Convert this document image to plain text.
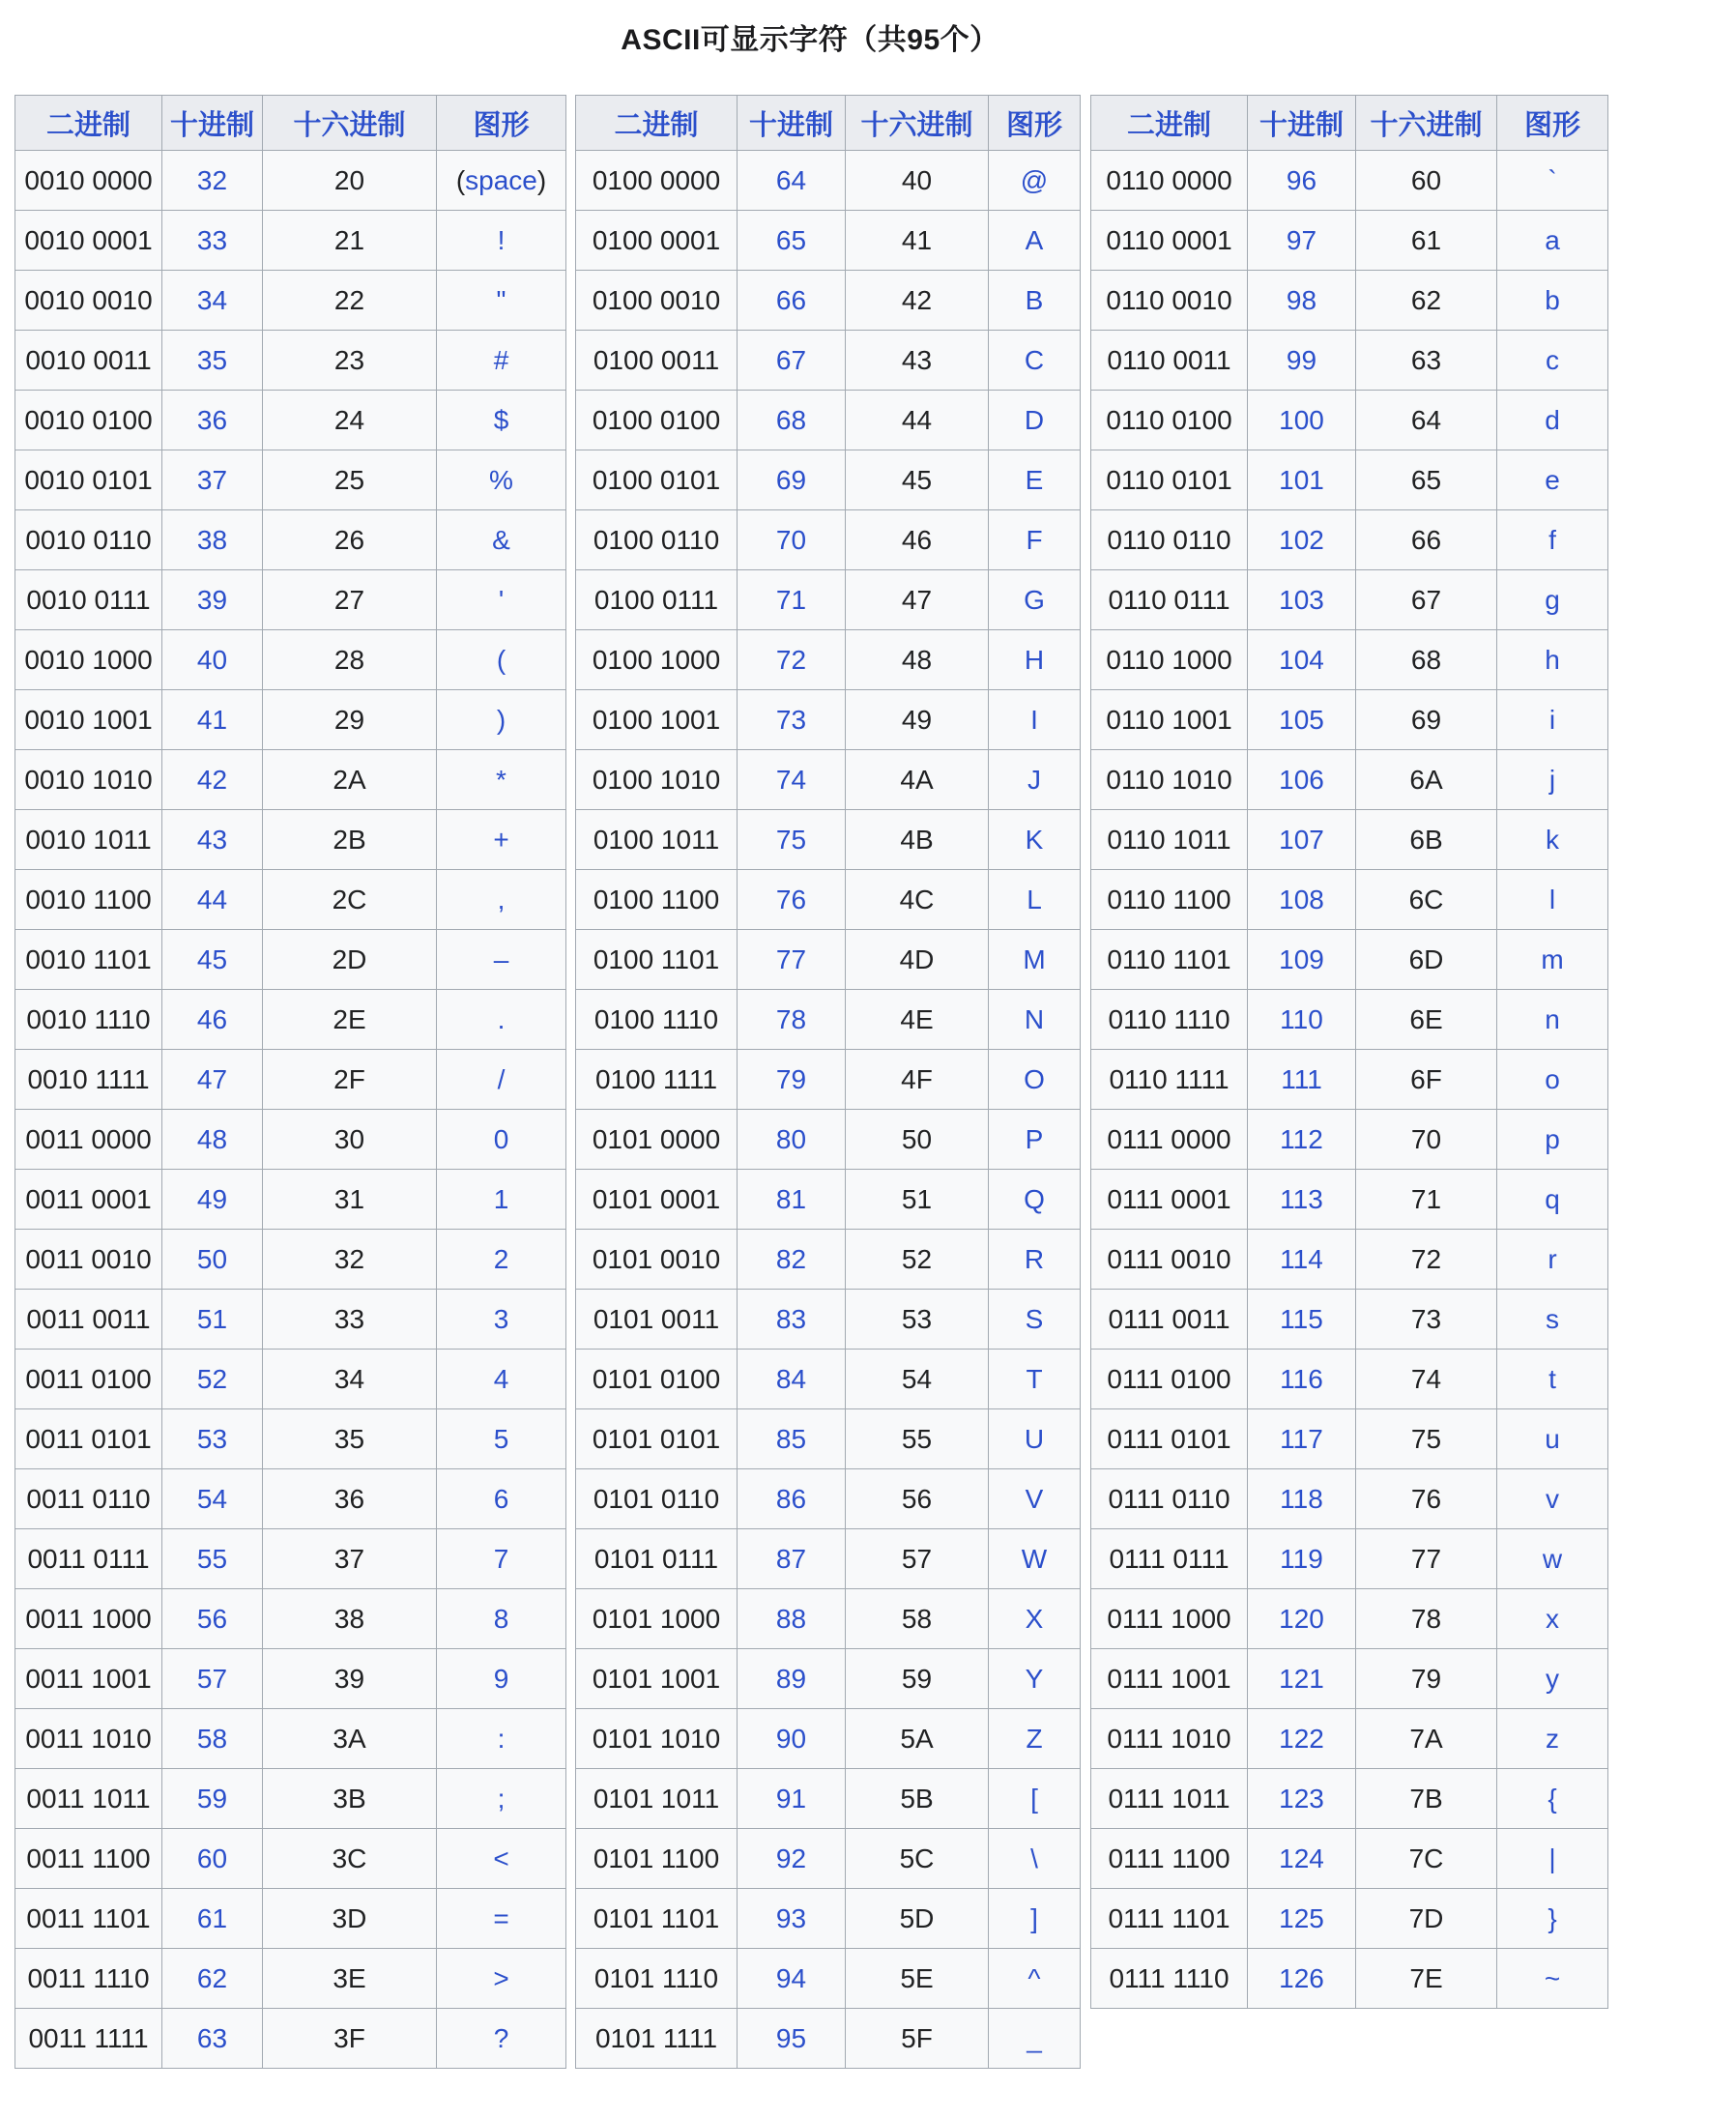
ASCII可显示字符（共95个）
二进制	十进制	十六进制	图形
0010 0000	32	20	(space)
0010 0001	33	21	!
0010 0010	34	22	"
0010 0011	35	23	#
0010 0100	36	24	$
0010 0101	37	25	%
0010 0110	38	26	&
0010 0111	39	27	'
0010 1000	40	28	(
0010 1001	41	29	)
0010 1010	42	2A	*
0010 1011	43	2B	+
0010 1100	44	2C	,
0010 1101	45	2D	–
0010 1110	46	2E	.
0010 1111	47	2F	/
0011 0000	48	30	0
0011 0001	49	31	1
0011 0010	50	32	2
0011 0011	51	33	3
0011 0100	52	34	4
0011 0101	53	35	5
0011 0110	54	36	6
0011 0111	55	37	7
0011 1000	56	38	8
0011 1001	57	39	9
0011 1010	58	3A	:
0011 1011	59	3B	;
0011 1100	60	3C	<
0011 1101	61	3D	=
0011 1110	62	3E	>
0011 1111	63	3F	?
二进制	十进制	十六进制	图形
0100 0000	64	40	@
0100 0001	65	41	A
0100 0010	66	42	B
0100 0011	67	43	C
0100 0100	68	44	D
0100 0101	69	45	E
0100 0110	70	46	F
0100 0111	71	47	G
0100 1000	72	48	H
0100 1001	73	49	I
0100 1010	74	4A	J
0100 1011	75	4B	K
0100 1100	76	4C	L
0100 1101	77	4D	M
0100 1110	78	4E	N
0100 1111	79	4F	O
0101 0000	80	50	P
0101 0001	81	51	Q
0101 0010	82	52	R
0101 0011	83	53	S
0101 0100	84	54	T
0101 0101	85	55	U
0101 0110	86	56	V
0101 0111	87	57	W
0101 1000	88	58	X
0101 1001	89	59	Y
0101 1010	90	5A	Z
0101 1011	91	5B	[
0101 1100	92	5C	\
0101 1101	93	5D	]
0101 1110	94	5E	^
0101 1111	95	5F	_
二进制	十进制	十六进制	图形
0110 0000	96	60	`
0110 0001	97	61	a
0110 0010	98	62	b
0110 0011	99	63	c
0110 0100	100	64	d
0110 0101	101	65	e
0110 0110	102	66	f
0110 0111	103	67	g
0110 1000	104	68	h
0110 1001	105	69	i
0110 1010	106	6A	j
0110 1011	107	6B	k
0110 1100	108	6C	l
0110 1101	109	6D	m
0110 1110	110	6E	n
0110 1111	111	6F	o
0111 0000	112	70	p
0111 0001	113	71	q
0111 0010	114	72	r
0111 0011	115	73	s
0111 0100	116	74	t
0111 0101	117	75	u
0111 0110	118	76	v
0111 0111	119	77	w
0111 1000	120	78	x
0111 1001	121	79	y
0111 1010	122	7A	z
0111 1011	123	7B	{
0111 1100	124	7C	|
0111 1101	125	7D	}
0111 1110	126	7E	~
